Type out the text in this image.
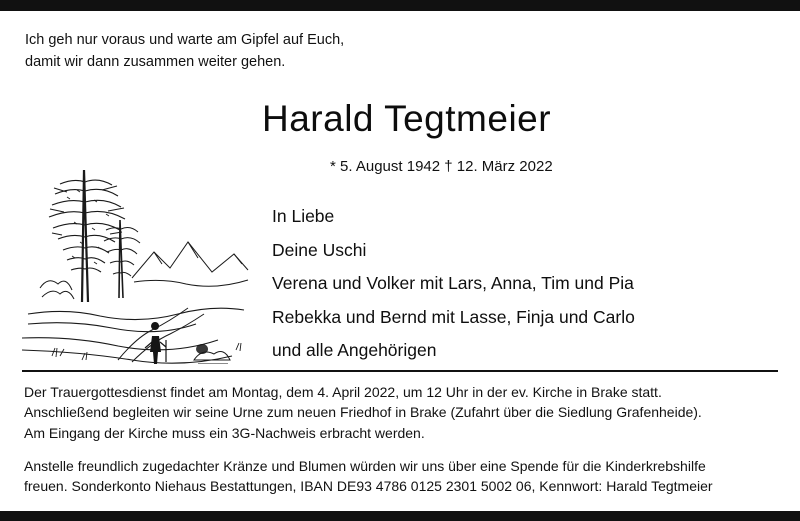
Ich geh nur voraus und warte am Gipfel auf Euch,
damit wir dann zusammen weiter gehen.
Harald Tegtmeier
* 5. August 1942 † 12. März 2022
In Liebe
Deine Uschi
Verena und Volker mit Lars, Anna, Tim und Pia
Rebekka und Bernd mit Lasse, Finja und Carlo
und alle Angehörigen
Der Trauergottesdienst findet am Montag, dem 4. April 2022, um 12 Uhr in der ev. Kirche in Brake statt.
Anschließend begleiten wir seine Urne zum neuen Friedhof in Brake (Zufahrt über die Siedlung Grafenheide).
Am Eingang der Kirche muss ein 3G-Nachweis erbracht werden.
Anstelle freundlich zugedachter Kränze und Blumen würden wir uns über eine Spende für die Kinderkrebshilfe
freuen. Sonderkonto Niehaus Bestattungen, IBAN DE93 4786 0125 2301 5002 06, Kennwort: Harald Tegtmeier
